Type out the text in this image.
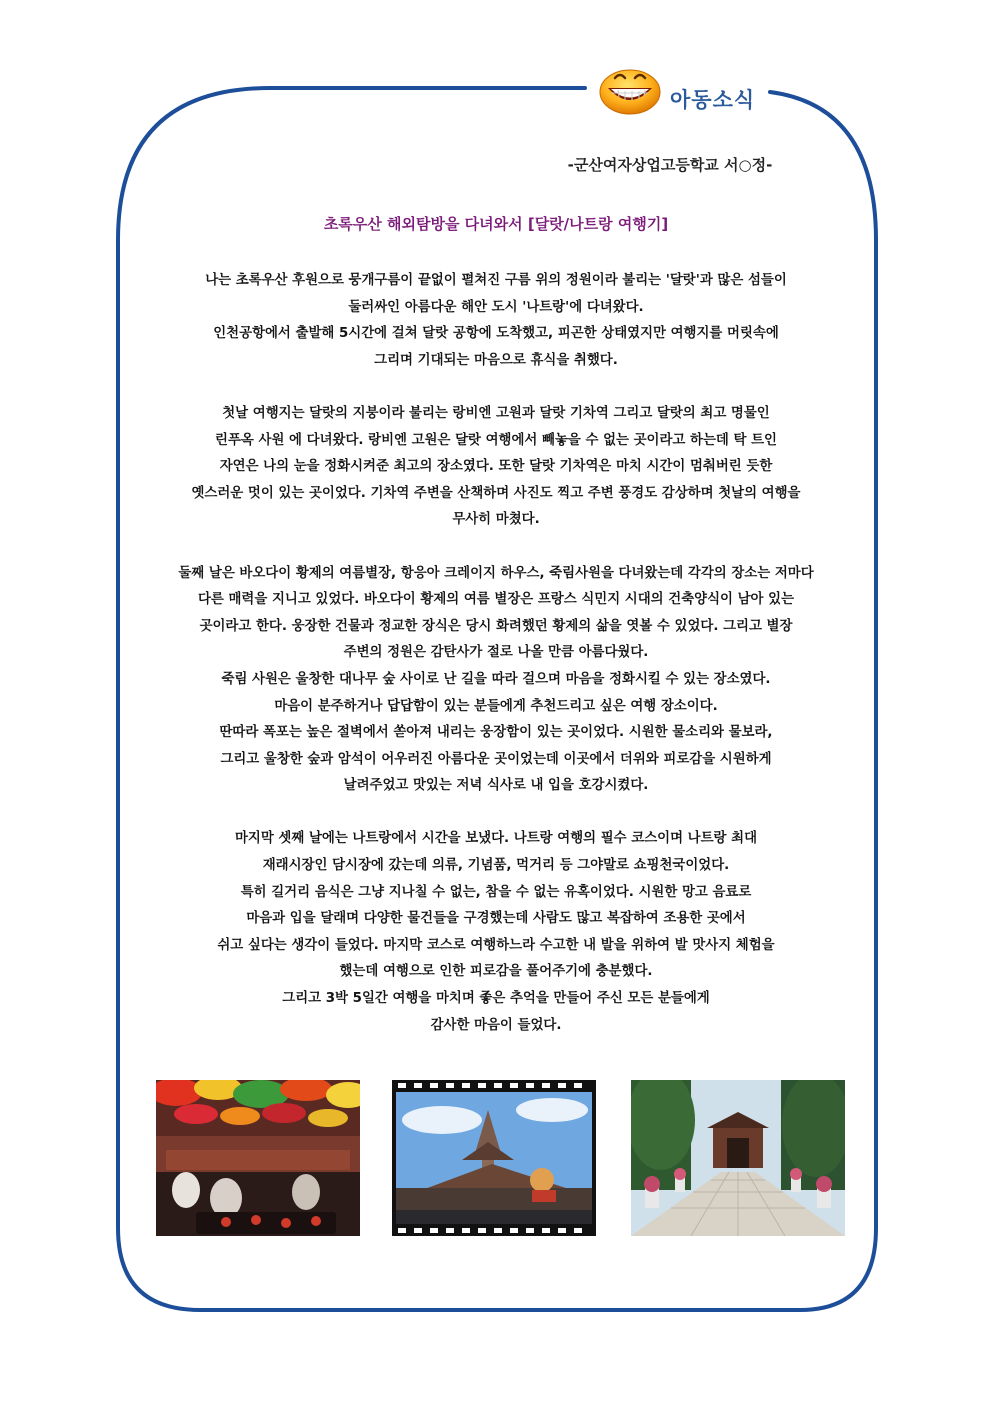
아동소식
-군산여자상업고등학교 서○정-
초록우산 해외탐방을 다녀와서 [달랏/나트랑 여행기]
나는 초록우산 후원으로 뭉개구름이 끝없이 펼쳐진 구름 위의 정원이라 불리는 '달랏'과 많은 섬들이
둘러싸인 아름다운 해안 도시 '나트랑'에 다녀왔다.
인천공항에서 출발해 5시간에 걸쳐 달랏 공항에 도착했고, 피곤한 상태였지만 여행지를 머릿속에
그리며 기대되는 마음으로 휴식을 취했다.
첫날 여행지는 달랏의 지붕이라 불리는 랑비엔 고원과 달랏 기차역 그리고 달랏의 최고 명물인
린푸옥 사원 에 다녀왔다. 랑비엔 고원은 달랏 여행에서 빼놓을 수 없는 곳이라고 하는데 탁 트인
자연은 나의 눈을 정화시켜준 최고의 장소였다. 또한 달랏 기차역은 마치 시간이 멈춰버린 듯한
옛스러운 멋이 있는 곳이었다. 기차역 주변을 산책하며 사진도 찍고 주변 풍경도 감상하며 첫날의 여행을
무사히 마쳤다.
둘째 날은 바오다이 황제의 여름별장, 항응아 크레이지 하우스, 죽림사원을 다녀왔는데 각각의 장소는 저마다
다른 매력을 지니고 있었다. 바오다이 황제의 여름 별장은 프랑스 식민지 시대의 건축양식이 남아 있는
곳이라고 한다. 웅장한 건물과 정교한 장식은 당시 화려했던 황제의 삶을 엿볼 수 있었다. 그리고 별장
주변의 정원은 감탄사가 절로 나올 만큼 아름다웠다.
죽림 사원은 울창한 대나무 숲 사이로 난 길을 따라 걸으며 마음을 정화시킬 수 있는 장소였다.
마음이 분주하거나 답답함이 있는 분들에게 추천드리고 싶은 여행 장소이다.
딴따라 폭포는 높은 절벽에서 쏟아져 내리는 웅장함이 있는 곳이었다. 시원한 물소리와 물보라,
그리고 울창한 숲과 암석이 어우러진 아름다운 곳이었는데 이곳에서 더위와 피로감을 시원하게
날려주었고 맛있는 저녁 식사로 내 입을 호강시켰다.
마지막 셋째 날에는 나트랑에서 시간을 보냈다. 나트랑 여행의 필수 코스이며 나트랑 최대
재래시장인 담시장에 갔는데 의류, 기념품, 먹거리 등 그야말로 쇼핑천국이었다.
특히 길거리 음식은 그냥 지나칠 수 없는, 참을 수 없는 유혹이었다. 시원한 망고 음료로
마음과 입을 달래며 다양한 물건들을 구경했는데 사람도 많고 복잡하여 조용한 곳에서
쉬고 싶다는 생각이 들었다. 마지막 코스로 여행하느라 수고한 내 발을 위하여 발 맛사지 체험을
했는데 여행으로 인한 피로감을 풀어주기에 충분했다.
그리고 3박 5일간 여행을 마치며 좋은 추억을 만들어 주신 모든 분들에게
감사한 마음이 들었다.
